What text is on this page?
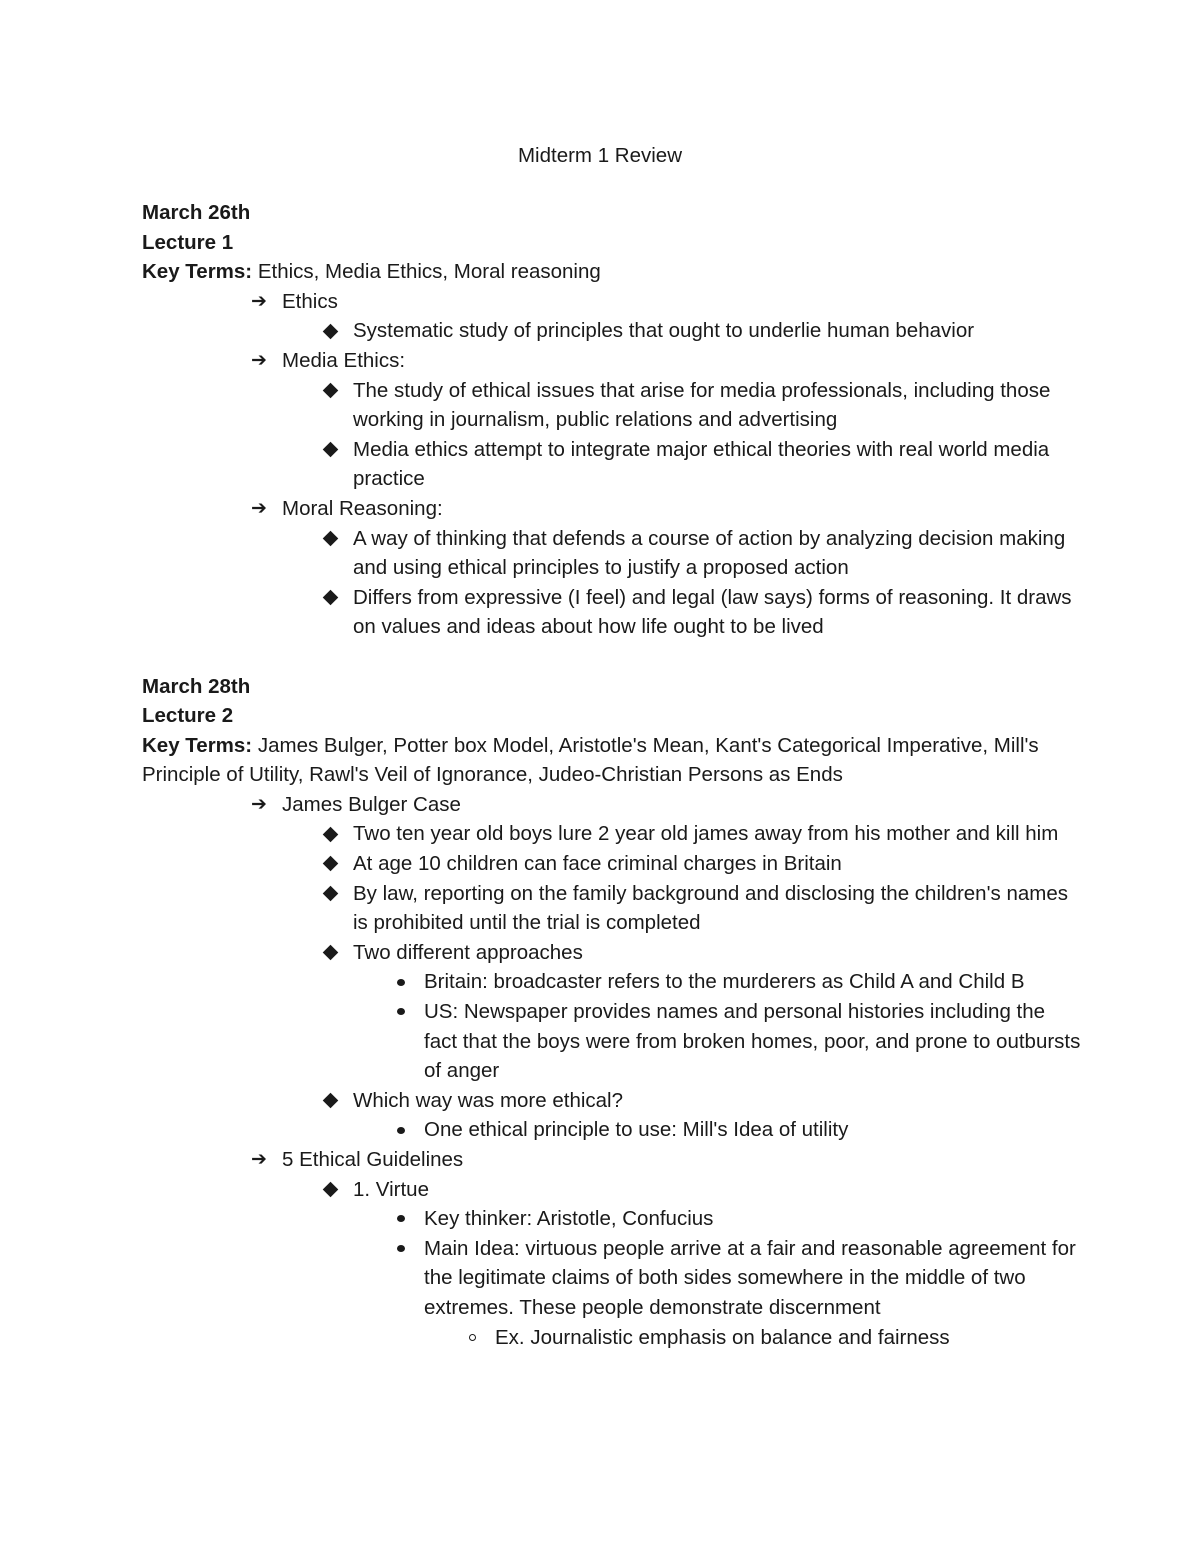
Midterm 1 Review
March 26th
Lecture 1
Key Terms: Ethics, Media Ethics, Moral reasoning
➔ Ethics
Systematic study of principles that ought to underlie human behavior
➔ Media Ethics:
The study of ethical issues that arise for media professionals, including those working in journalism, public relations and advertising
Media ethics attempt to integrate major ethical theories with real world media practice
➔ Moral Reasoning:
A way of thinking that defends a course of action by analyzing decision making and using ethical principles to justify a proposed action
Differs from expressive (I feel) and legal (law says) forms of reasoning. It draws on values and ideas about how life ought to be lived
March 28th
Lecture 2
Key Terms: James Bulger, Potter box Model, Aristotle's Mean, Kant's Categorical Imperative, Mill's Principle of Utility, Rawl's Veil of Ignorance, Judeo-Christian Persons as Ends
➔ James Bulger Case
Two ten year old boys lure 2 year old james away from his mother and kill him
At age 10 children can face criminal charges in Britain
By law, reporting on the family background and disclosing the children's names is prohibited until the trial is completed
Two different approaches
Britain: broadcaster refers to the murderers as Child A and Child B
US: Newspaper provides names and personal histories including the fact that the boys were from broken homes, poor, and prone to outbursts of anger
Which way was more ethical?
One ethical principle to use: Mill's Idea of utility
➔ 5 Ethical Guidelines
1. Virtue
Key thinker: Aristotle, Confucius
Main Idea: virtuous people arrive at a fair and reasonable agreement for the legitimate claims of both sides somewhere in the middle of two extremes. These people demonstrate discernment
Ex. Journalistic emphasis on balance and fairness
